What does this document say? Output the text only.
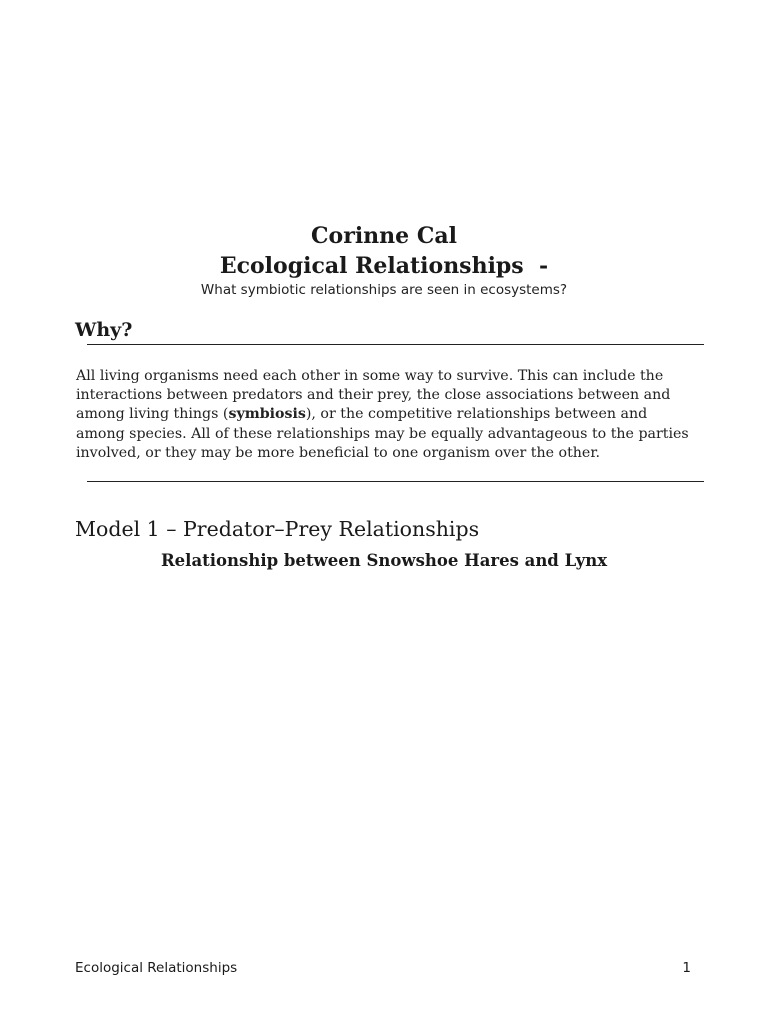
Corinne Cal
Ecological Relationships  -
What symbiotic relationships are seen in ecosystems?
Why?
All living organisms need each other in some way to survive. This can include the interactions between predators and their prey, the close associations between and among living things (symbiosis), or the competitive relationships between and among species. All of these relationships may be equally advantageous to the parties involved, or they may be more beneficial to one organism over the other.
Model 1 – Predator–Prey Relationships
Relationship between Snowshoe Hares and Lynx
Ecological Relationships	1
